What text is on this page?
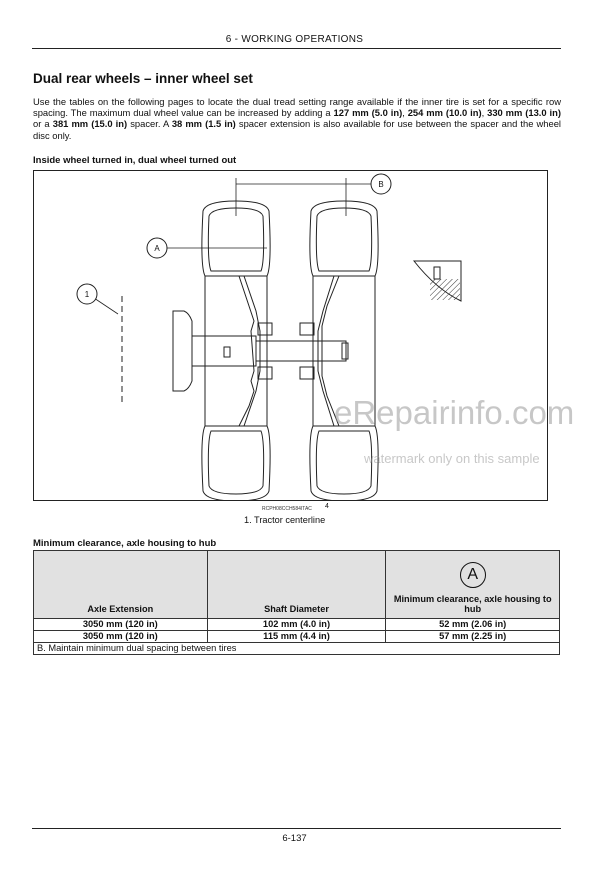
6 - WORKING OPERATIONS
Dual rear wheels – inner wheel set
Use the tables on the following pages to locate the dual tread setting range available if the inner tire is set for a specific row spacing. The maximum dual wheel value can be increased by adding a 127 mm (5.0 in), 254 mm (10.0 in), 330 mm (13.0 in) or a 381 mm (15.0 in) spacer. A 38 mm (1.5 in) spacer extension is also available for use between the spacer and the wheel disc only.
Inside wheel turned in, dual wheel turned out
A
B
1
RCPH08CCH584ITAC 4
1. Tractor centerline
Minimum clearance, axle housing to hub
Axle Extension	Shaft Diameter	A
Minimum clearance, axle housing to hub

3050 mm (120 in)	102 mm (4.0 in)	52 mm (2.06 in)
3050 mm (120 in)	115 mm (4.4 in)	57 mm (2.25 in)
B. Maintain minimum dual spacing between tires		
eRepairinfo.com
watermark only on this sample
6-137
